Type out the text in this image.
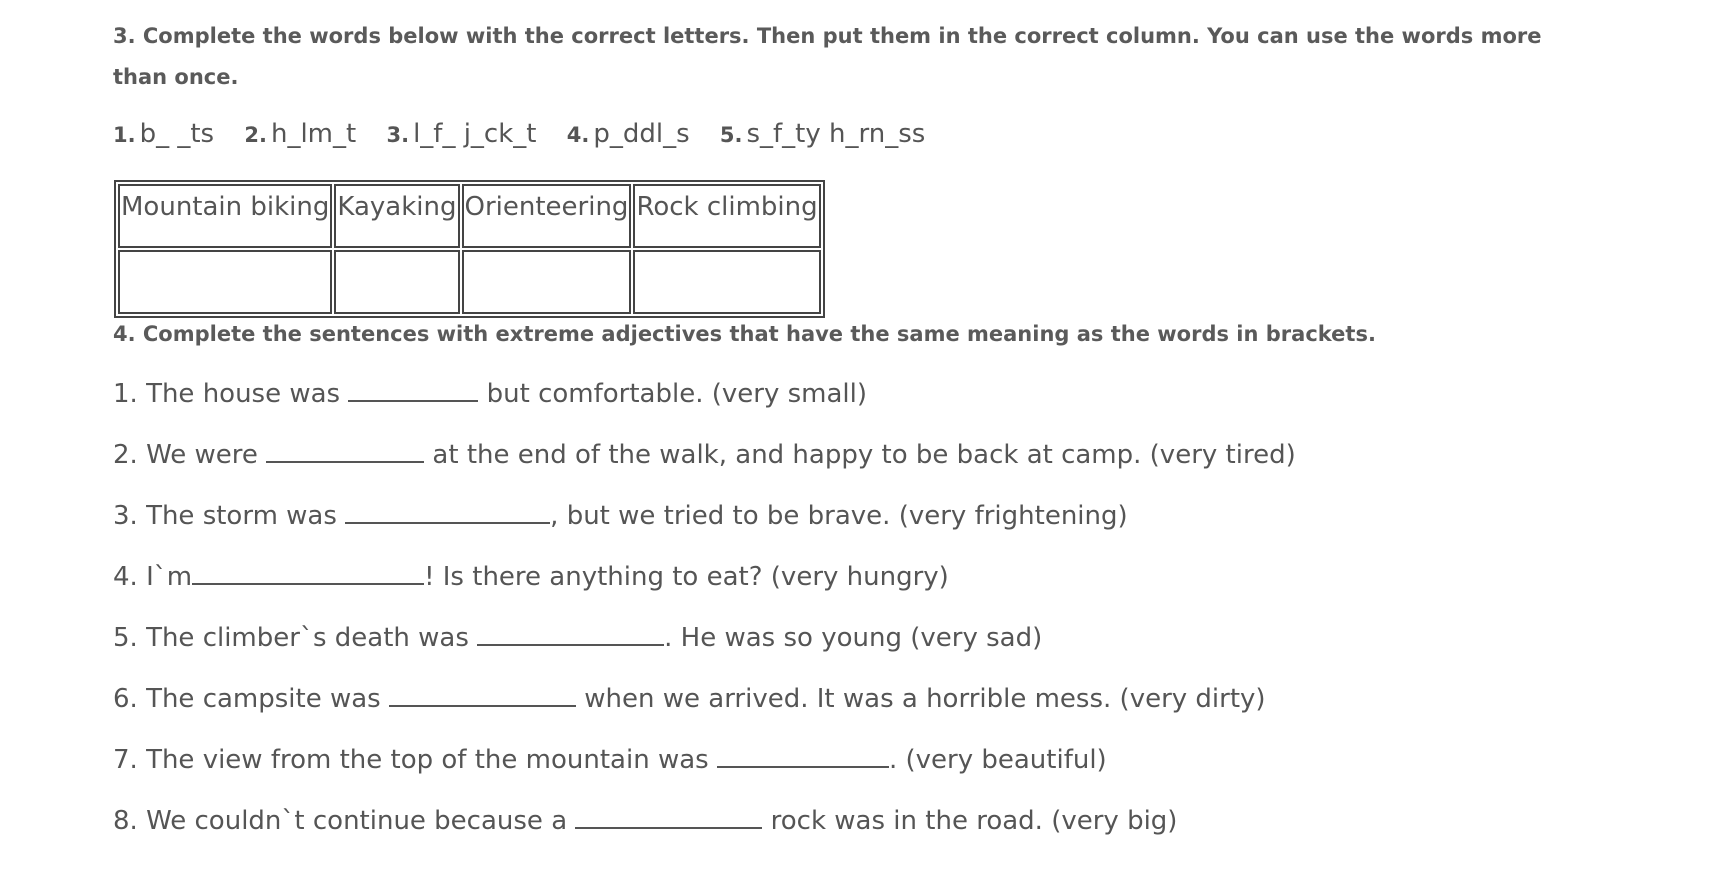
3. Complete the words below with the correct letters. Then put them in the correct column. You can use the words more than once.

1. b_ _ts 2. h_lm_t 3. l_f_ j_ck_t 4. p_ddl_s 5. s_f_ty h_rn_ss
Mountain biking	Kayaking	Orienteering	Rock climbing

4. Complete the sentences with extreme adjectives that have the same meaning as the words in brackets.

1. The house was	but comfortable. (very small)
2. We were	at the end of the walk, and happy to be back at camp. (very tired)
3. The storm was	, but we tried to be brave. (very frightening)
4. I`m	! Is there anything to eat? (very hungry)
5. The climber`s death was	. He was so young (very sad)
6. The campsite was	when we arrived. It was a horrible mess. (very dirty)
7. The view from the top of the mountain was	. (very beautiful)
8. We couldn`t continue because a	rock was in the road. (very big)
